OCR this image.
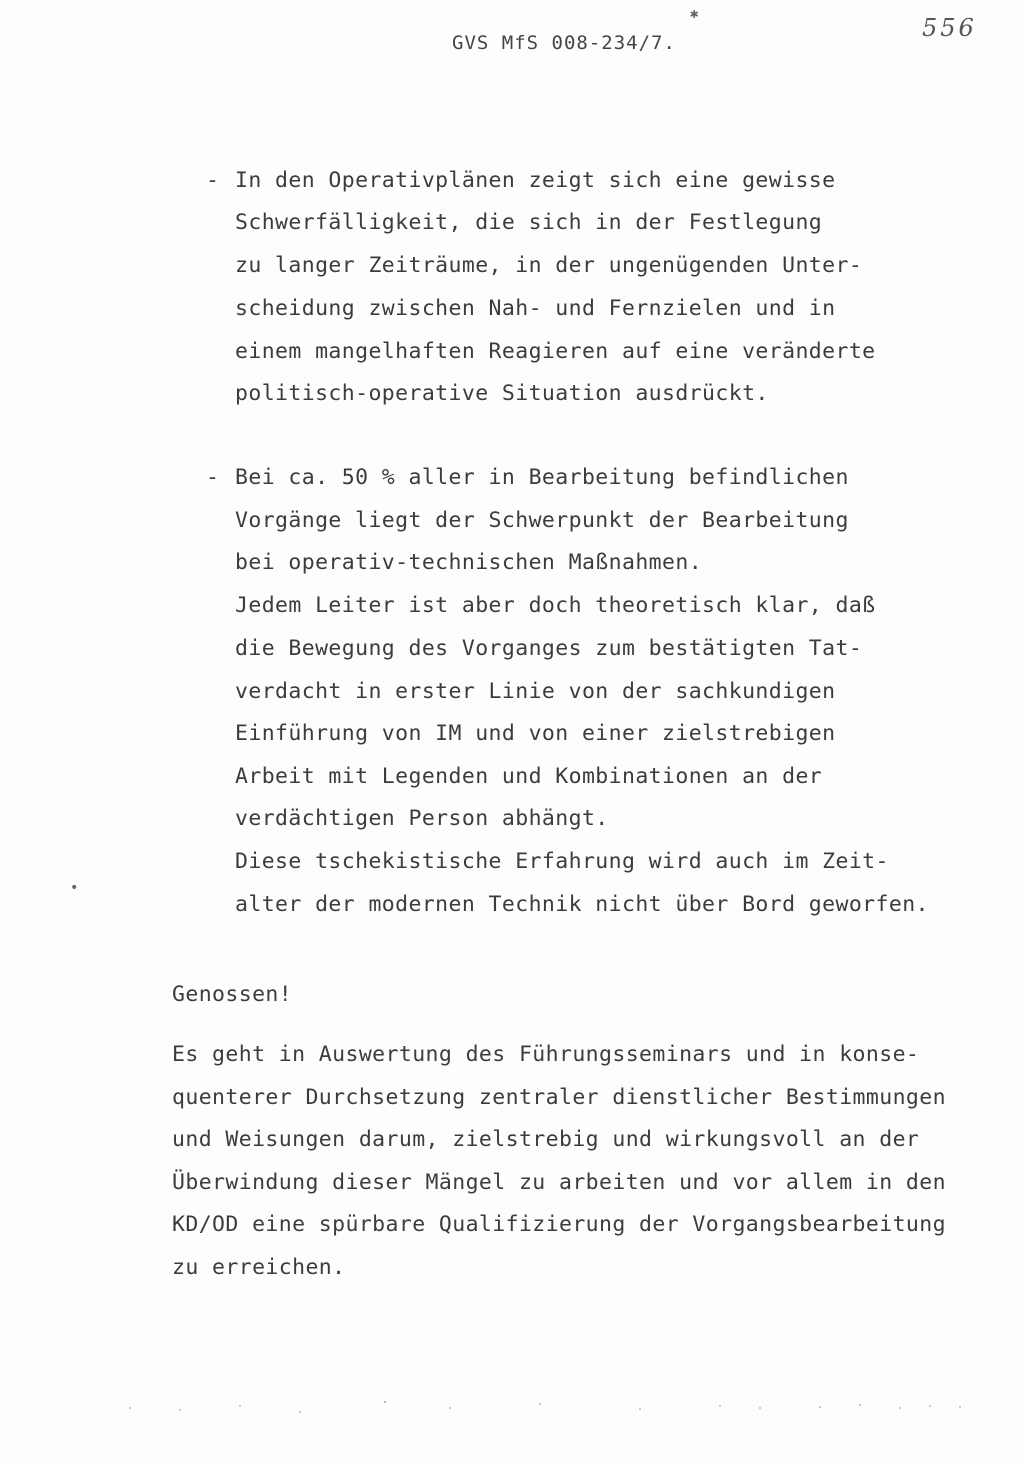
556
GVS MfS 008-234/7.
✱
•
- In den Operativplänen zeigt sich eine gewisse
Schwerfälligkeit, die sich in der Festlegung
zu langer Zeiträume, in der ungenügenden Unter-
scheidung zwischen Nah- und Fernzielen und in
einem mangelhaften Reagieren auf eine veränderte
politisch-operative Situation ausdrückt.
- Bei ca. 50 % aller in Bearbeitung befindlichen
Vorgänge liegt der Schwerpunkt der Bearbeitung
bei operativ-technischen Maßnahmen.
Jedem Leiter ist aber doch theoretisch klar, daß
die Bewegung des Vorganges zum bestätigten Tat-
verdacht in erster Linie von der sachkundigen
Einführung von IM und von einer zielstrebigen
Arbeit mit Legenden und Kombinationen an der
verdächtigen Person abhängt.
Diese tschekistische Erfahrung wird auch im Zeit-
alter der modernen Technik nicht über Bord geworfen.
Genossen!
Es geht in Auswertung des Führungsseminars und in konse-
quenterer Durchsetzung zentraler dienstlicher Bestimmungen
und Weisungen darum, zielstrebig und wirkungsvoll an der
Überwindung dieser Mängel zu arbeiten und vor allem in den
KD/OD eine spürbare Qualifizierung der Vorgangsbearbeitung
zu erreichen.
